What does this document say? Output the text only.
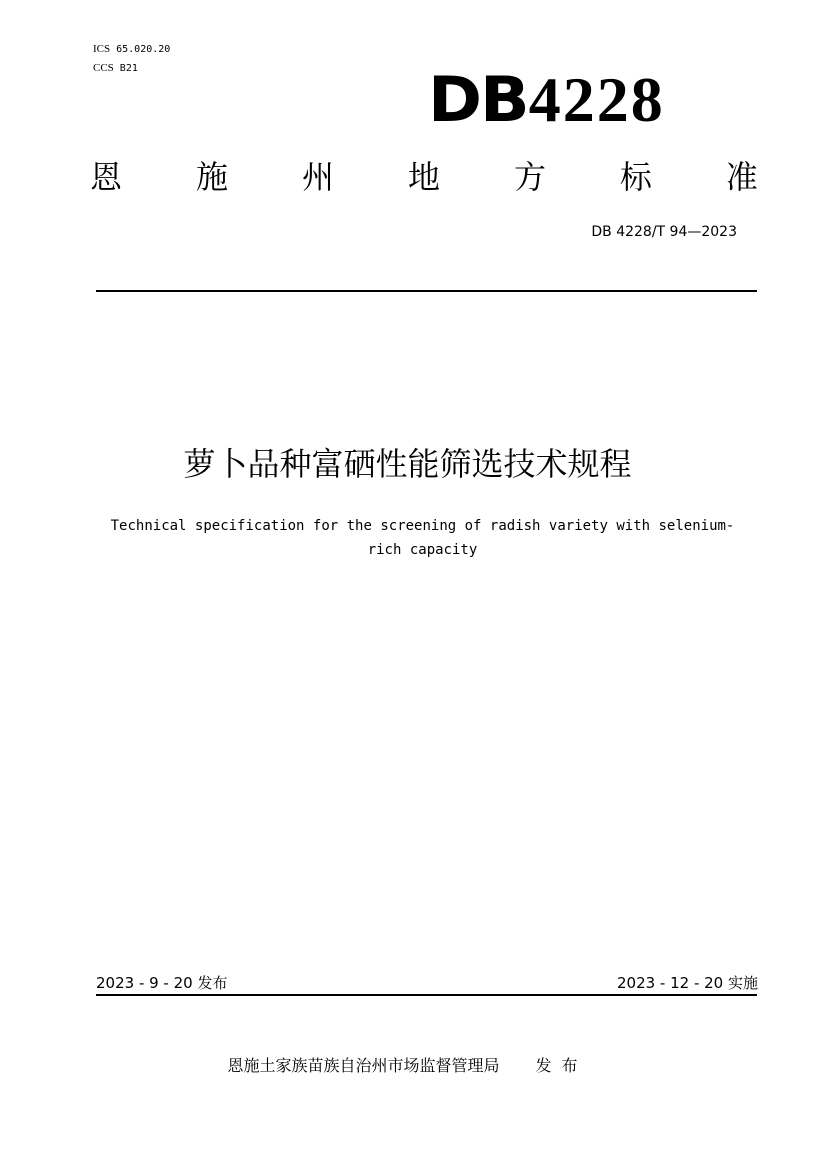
ICS 65.020.20
CCS B21	DB4228
恩 施 州 地 方 标 准
DB 4228/T 94—2023
萝卜品种富硒性能筛选技术规程
Technical specification for the screening of radish variety with selenium-rich capacity
2023 - 9 - 20 发布	2023 - 12 - 20 实施
恩施土家族苗族自治州市场监督管理局 发布
